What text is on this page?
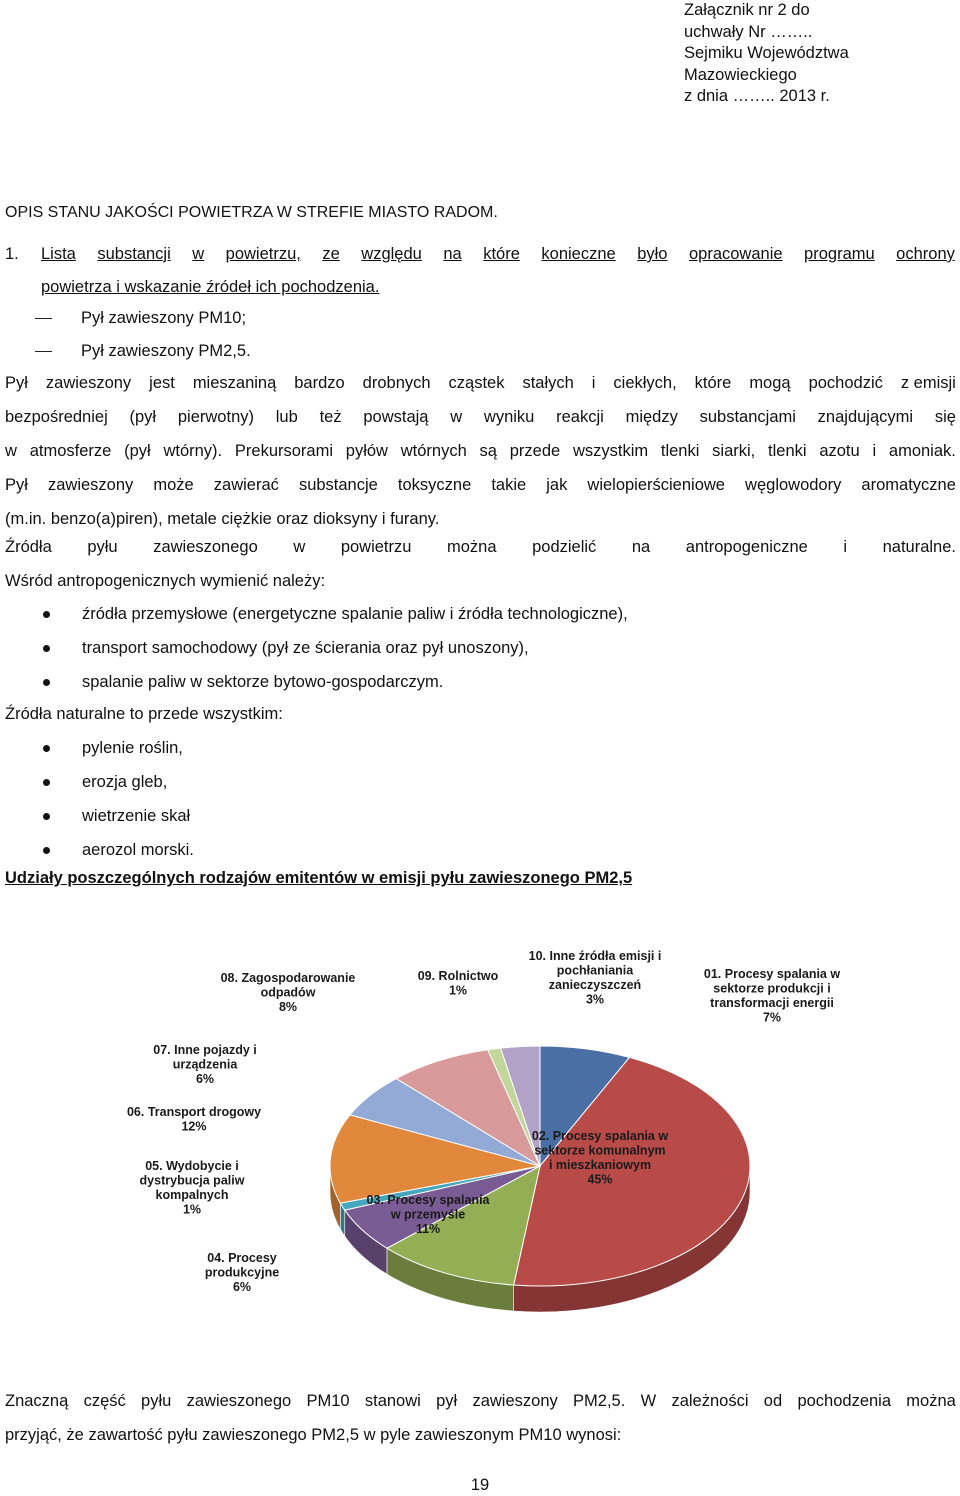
Załącznik nr 2 do
uchwały Nr ……..
Sejmiku Województwa
Mazowieckiego
z dnia …….. 2013 r.
OPIS STANU JAKOŚCI POWIETRZA W STREFIE MIASTO RADOM.
1. Lista substancji w powietrzu, ze względu na które konieczne było opracowanie programu ochrony
powietrza i wskazanie źródeł ich pochodzenia.
Pył zawieszony PM10;
Pył zawieszony PM2,5.
Pył zawieszony jest mieszaniną bardzo drobnych cząstek stałych i ciekłych, które mogą pochodzić z emisji
bezpośredniej (pył pierwotny) lub też powstają w wyniku reakcji między substancjami znajdującymi się
w atmosferze (pył wtórny). Prekursorami pyłów wtórnych są przede wszystkim tlenki siarki, tlenki azotu i amoniak.
Pył zawieszony może zawierać substancje toksyczne takie jak wielopierścieniowe węglowodory aromatyczne
(m.in. benzo(a)piren), metale ciężkie oraz dioksyny i furany.
Źródła pyłu zawieszonego w powietrzu można podzielić na antropogeniczne i naturalne.
Wśród antropogenicznych wymienić należy:
źródła przemysłowe (energetyczne spalanie paliw i źródła technologiczne),
transport samochodowy (pył ze ścierania oraz pył unoszony),
spalanie paliw w sektorze bytowo-gospodarczym.
Źródła naturalne to przede wszystkim:
pylenie roślin,
erozja gleb,
wietrzenie skał
aerozol morski.
Udziały poszczególnych rodzajów emitentów w emisji pyłu zawieszonego PM2,5
01. Procesy spalania w sektorze produkcji i transformacji energii 7%
02. Procesy spalania w sektorze komunalnym i mieszkaniowym 45%
03. Procesy spalania w przemyśle 11%
04. Procesy produkcyjne 6%
05. Wydobycie i dystrybucja paliw kompalnych 1%
06. Transport drogowy 12%
07. Inne pojazdy i urządzenia 6%
08. Zagospodarowanie odpadów 8%
09. Rolnictwo 1%
10. Inne źródła emisji i pochłaniania zanieczyszczeń 3%
Znaczną część pyłu zawieszonego PM10 stanowi pył zawieszony PM2,5. W zależności od pochodzenia można
przyjąć, że zawartość pyłu zawieszonego PM2,5 w pyle zawieszonym PM10 wynosi:
19
